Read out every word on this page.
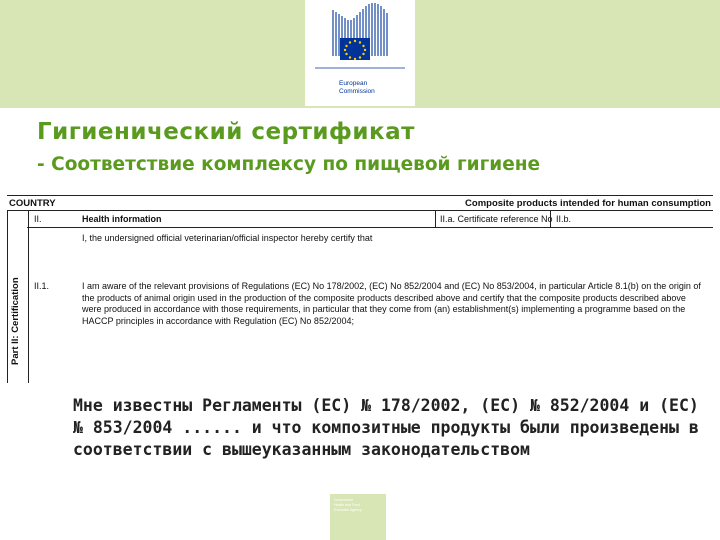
European
Commission
Гигиенический сертификат
- Соответствие комплексу по пищевой гигиене
COUNTRY	Composite products intended for human consumption
Part II: Certification
II.	Health information	II.a. Certificate reference No II.b.
I, the undersigned official veterinarian/official inspector hereby certify that
II.1.	I am aware of the relevant provisions of Regulations (EC) No 178/2002, (EC) No 852/2004 and (EC) No 853/2004, in particular Article 8.1(b) on the origin of the products of animal origin used in the production of the composite products described above and certify that the composite products described above were produced in accordance with those requirements, in particular that they come from (an) establishment(s) implementing a programme based on the HACCP principles in accordance with Regulation (EC) No 852/2004;

Мне известны Регламенты (ЕС) № 178/2002, (ЕС) № 852/2004 и (ЕС) № 853/2004 ...... и что композитные продукты были произведены в соответствии с вышеуказанным законодательством

Commission
Health and Food
Executive Agency
